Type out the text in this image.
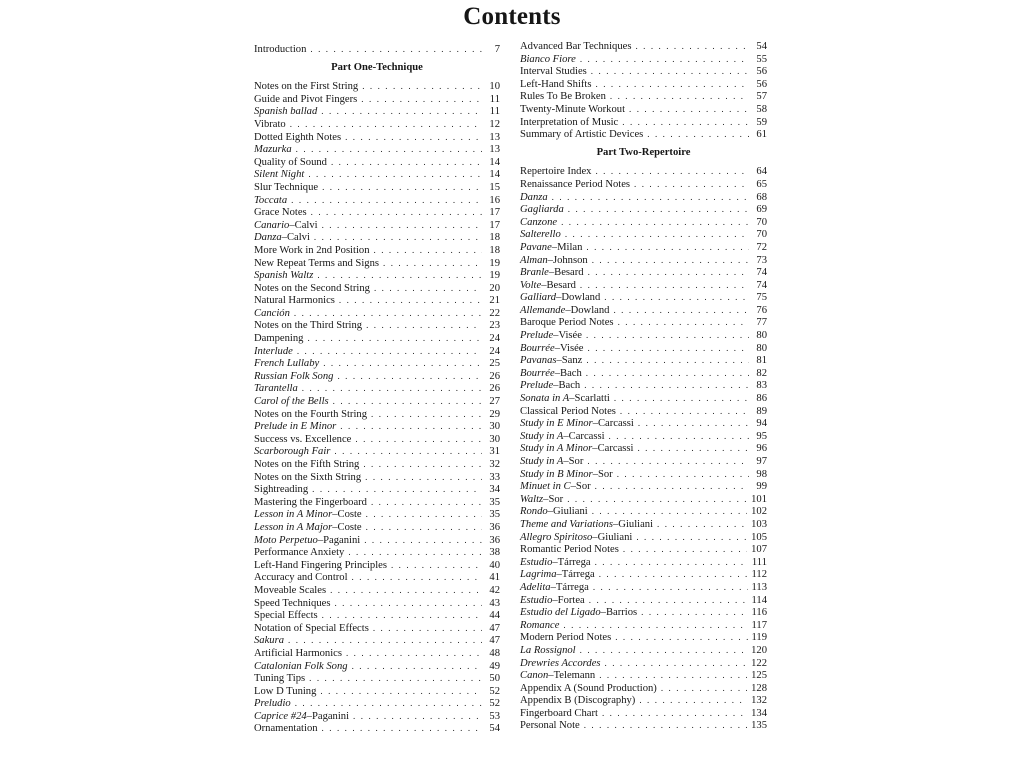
Contents
Introduction . . .	7
Part One-Technique
Notes on the First String . . .	10
Guide and Pivot Fingers . . .	11
Spanish ballad . . .	11
Vibrato . . .	12
Dotted Eighth Notes . . .	13
Mazurka . . .	13
Quality of Sound . . .	14
Silent Night . . .	14
Slur Technique . . .	15
Toccata . . .	16
Grace Notes . . .	17
Canario–Calvi . . .	17
Danza–Calvi . . .	18
More Work in 2nd Position . . .	18
New Repeat Terms and Signs . . .	19
Spanish Waltz . . .	19
Notes on the Second String . . .	20
Natural Harmonics . . .	21
Canción . . .	22
Notes on the Third String . . .	23
Dampening . . .	24
Interlude . . .	24
French Lullaby . . .	25
Russian Folk Song . . .	26
Tarantella . . .	26
Carol of the Bells . . .	27
Notes on the Fourth String . . .	29
Prelude in E Minor . . .	30
Success vs. Excellence . . .	30
Scarborough Fair . . .	31
Notes on the Fifth String . . .	32
Notes on the Sixth String . . .	33
Sightreading . . .	34
Mastering the Fingerboard . . .	35
Lesson in A Minor–Coste . . .	35
Lesson in A Major–Coste . . .	36
Moto Perpetuo–Paganini . . .	36
Performance Anxiety . . .	38
Left-Hand Fingering Principles . . .	40
Accuracy and Control . . .	41
Moveable Scales . . .	42
Speed Techniques . . .	43
Special Effects . . .	44
Notation of Special Effects . . .	47
Sakura . . .	47
Artificial Harmonics . . .	48
Catalonian Folk Song . . .	49
Tuning Tips . . .	50
Low D Tuning . . .	52
Preludio . . .	52
Caprice #24–Paganini . . .	53
Ornamentation . . .	54
Advanced Bar Techniques . . .	54
Bianco Fiore . . .	55
Interval Studies . . .	56
Left-Hand Shifts . . .	56
Rules To Be Broken . . .	57
Twenty-Minute Workout . . .	58
Interpretation of Music . . .	59
Summary of Artistic Devices . . .	61
Part Two-Repertoire
Repertoire Index . . .	64
Renaissance Period Notes . . .	65
Danza . . .	68
Gagliarda . . .	69
Canzone . . .	70
Salterello . . .	70
Pavane–Milan . . .	72
Alman–Johnson . . .	73
Branle–Besard . . .	74
Volte–Besard . . .	74
Galliard–Dowland . . .	75
Allemande–Dowland . . .	76
Baroque Period Notes . . .	77
Prelude–Visée . . .	80
Bourrée–Visée . . .	80
Pavanas–Sanz . . .	81
Bourrée–Bach . . .	82
Prelude–Bach . . .	83
Sonata in A–Scarlatti . . .	86
Classical Period Notes . . .	89
Study in E Minor–Carcassi . . .	94
Study in A–Carcassi . . .	95
Study in A Minor–Carcassi . . .	96
Study in A–Sor . . .	97
Study in B Minor–Sor . . .	98
Minuet in C–Sor . . .	99
Waltz–Sor . . .	101
Rondo–Giuliani . . .	102
Theme and Variations–Giuliani . . .	103
Allegro Spiritoso–Giuliani . . .	105
Romantic Period Notes . . .	107
Estudio–Tárrega . . .	111
Lagrima–Tárrega . . .	112
Adelita–Tárrega . . .	113
Estudio–Fortea . . .	114
Estudio del Ligado–Barrios . . .	116
Romance . . .	117
Modern Period Notes . . .	119
La Rossignol . . .	120
Drewries Accordes . . .	122
Canon–Telemann . . .	125
Appendix A (Sound Production) . . .	128
Appendix B (Discography) . . .	132
Fingerboard Chart . . .	134
Personal Note . . .	135
